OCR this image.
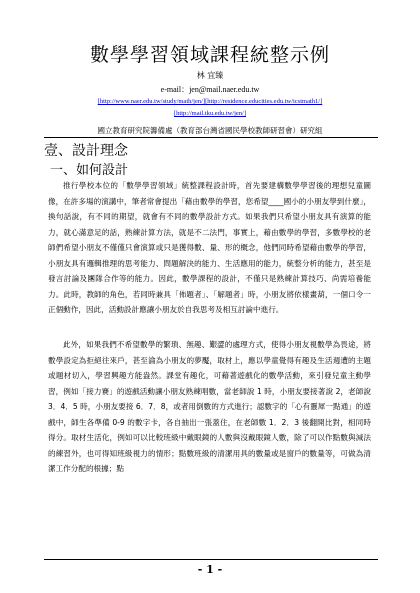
數學學習領域課程統整示例
林 宜臻
e-mail：jen@mail.naer.edu.tw
[http://www.naer.edu.tw/study/math/jen/][http://residence.educities.edu.tw/icstmath1/]
[http://mail.tku.edu.tw/jen/]
國立教育研究院籌備處（教育部台灣省國民學校教師研習會）研究組
壹、設計理念
一、如何設計

推行學校本位的「數學學習領域」統整課程設計時，首先要建構數學學習後的理想兒童圖像，在許多場的演講中，筆者常會提出「藉由數學的學習，您希望____國小的小朋友學到什麼」，換句話說，有不同的期望，就會有不同的數學設計方式。如果我們只希望小朋友具有演算的能力，就心滿意足的話，熟練計算方法，就是不二法門，事實上，藉由數學的學習，多數學校的老師們希望小朋友不僅僅只會演算或只是獲得數、量、形的概念，他們同時希望藉由數學的學習，小朋友具有邏輯推理的思考能力、問題解決的能力、生活應用的能力，統整分析的能力，甚至是發言討論及團隊合作等的能力。因此，數學課程的設計，不僅只是熟練計算技巧、尚需培養能力。此時，教師的角色，若同時兼具「佈題者」、「解題者」時，小朋友將依樣畫葫，一個口令一正個動作，因此，活動設計應讓小朋友於自我思考及相互討論中進行。

此外，如果我們不希望數學的繁瑣、無趣、艱澀的處理方式，使得小朋友視數學為畏途，將數學設定為拒絕往來戶，甚至淪為小朋友的夢魘，取材上，應以學童覺得有趣及生活週遭的主題或題材切入，學習興趣方能盎然。課堂有趣化，可藉著遊戲化的數學活動，來引發兒童主動學習，例如「接力賽」的遊戲活動讓小朋友熟練唱數，當老師說 1 時，小朋友要接著說 2，老師說 3．4．5 時，小朋友要接 6．7．8，或者用倒數的方式進行；認數字的「心有靈犀一點通」的遊戲中，師生各準備 0-9 的數字卡，各自抽出一張蓋住，在老師數 1．2．3 後翻開比對，相同時得分。取材生活化，例如可以比較班級中戴眼鏡的人數與沒戴眼鏡人數，除了可以作點數與減法的練習外，也可得知班級視力的情形；點數班級的清潔用具的數量或是窗戶的數量等，可做為清潔工作分配的根據；點

- 1 -
